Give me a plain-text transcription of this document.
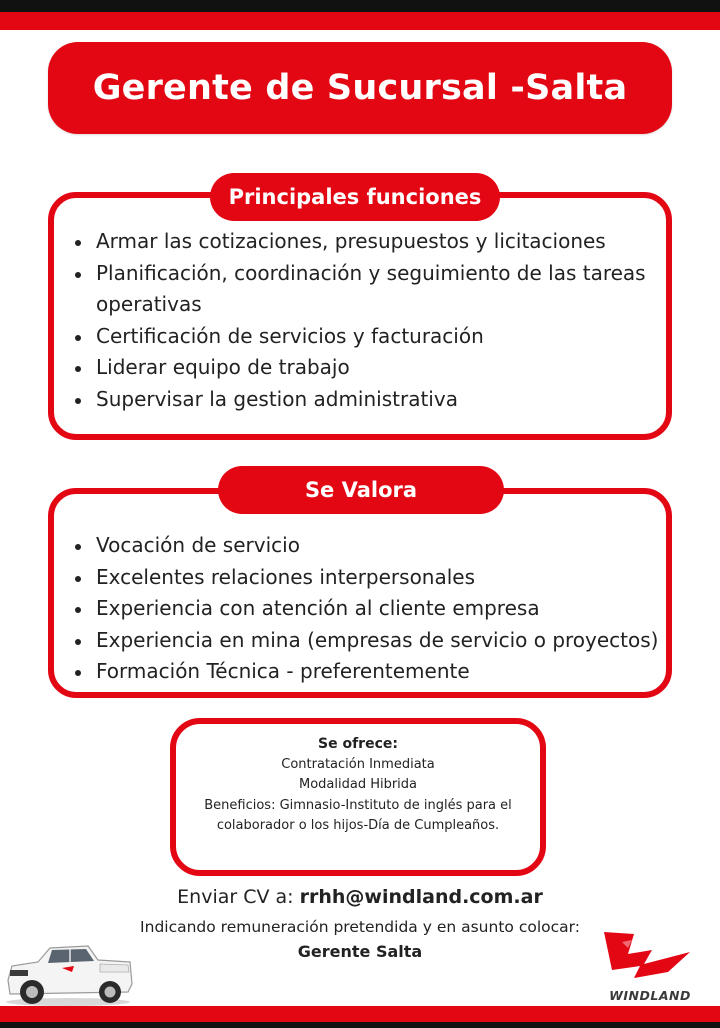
Gerente de Sucursal -Salta
Principales funciones
Armar las cotizaciones, presupuestos y licitaciones
Planificación, coordinación y seguimiento de las tareas operativas
Certificación de servicios y facturación
Liderar equipo de trabajo
Supervisar la gestion administrativa
Se Valora
Vocación de servicio
Excelentes relaciones interpersonales
Experiencia con atención al cliente empresa
Experiencia en mina (empresas de servicio o proyectos)
Formación Técnica - preferentemente
Se ofrece:
Contratación Inmediata
Modalidad Hibrida
Beneficios: Gimnasio-Instituto de inglés para el
colaborador o los hijos-Día de Cumpleaños.
Enviar CV a: rrhh@windland.com.ar
Indicando remuneración pretendida y en asunto colocar:
Gerente Salta
WINDLAND
